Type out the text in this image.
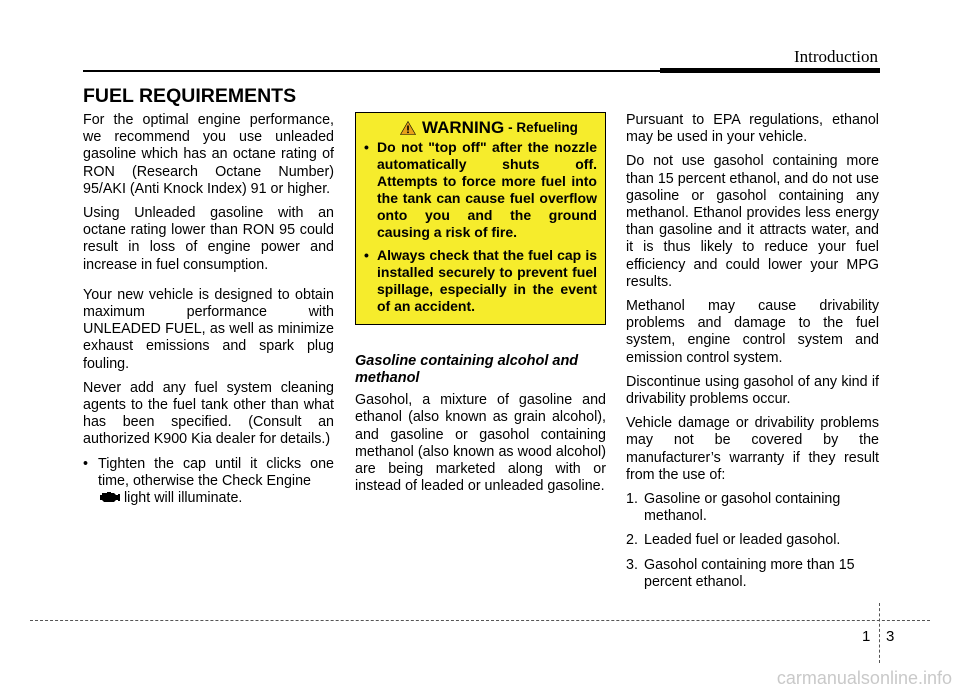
Introduction
FUEL REQUIREMENTS

For the optimal engine performance, we recommend you use unleaded gasoline which has an octane rating of RON (Research Octane Number) 95/AKI (Anti Knock Index) 91 or higher.

Using Unleaded gasoline with an octane rating lower than RON 95 could result in loss of engine power and increase in fuel consumption.

Your new vehicle is designed to obtain maximum performance with UNLEADED FUEL, as well as minimize exhaust emissions and spark plug fouling.

Never add any fuel system cleaning agents to the fuel tank other than what has been specified. (Consult an authorized K900 Kia dealer for details.)

• Tighten the cap until it clicks one time, otherwise the Check Engine
light will illuminate.
WARNING - Refueling
• Do not "top off" after the nozzle automatically shuts off. Attempts to force more fuel into the tank can cause fuel overflow onto you and the ground causing a risk of fire.
• Always check that the fuel cap is installed securely to prevent fuel spillage, especially in the event of an accident.
Gasoline containing alcohol and methanol

Gasohol, a mixture of gasoline and ethanol (also known as grain alcohol), and gasoline or gasohol containing methanol (also known as wood alcohol) are being marketed along with or instead of leaded or unleaded gasoline.

Pursuant to EPA regulations, ethanol may be used in your vehicle.

Do not use gasohol containing more than 15 percent ethanol, and do not use gasoline or gasohol containing any methanol. Ethanol provides less energy than gasoline and it attracts water, and it is thus likely to reduce your fuel efficiency and could lower your MPG results.

Methanol may cause drivability problems and damage to the fuel system, engine control system and emission control system.

Discontinue using gasohol of any kind if drivability problems occur.

Vehicle damage or drivability problems may not be covered by the manufacturer’s warranty if they result from the use of:

1. Gasoline or gasohol containing methanol.
2. Leaded fuel or leaded gasohol.
3. Gasohol containing more than 15 percent ethanol.
1 3
carmanualsonline.info
